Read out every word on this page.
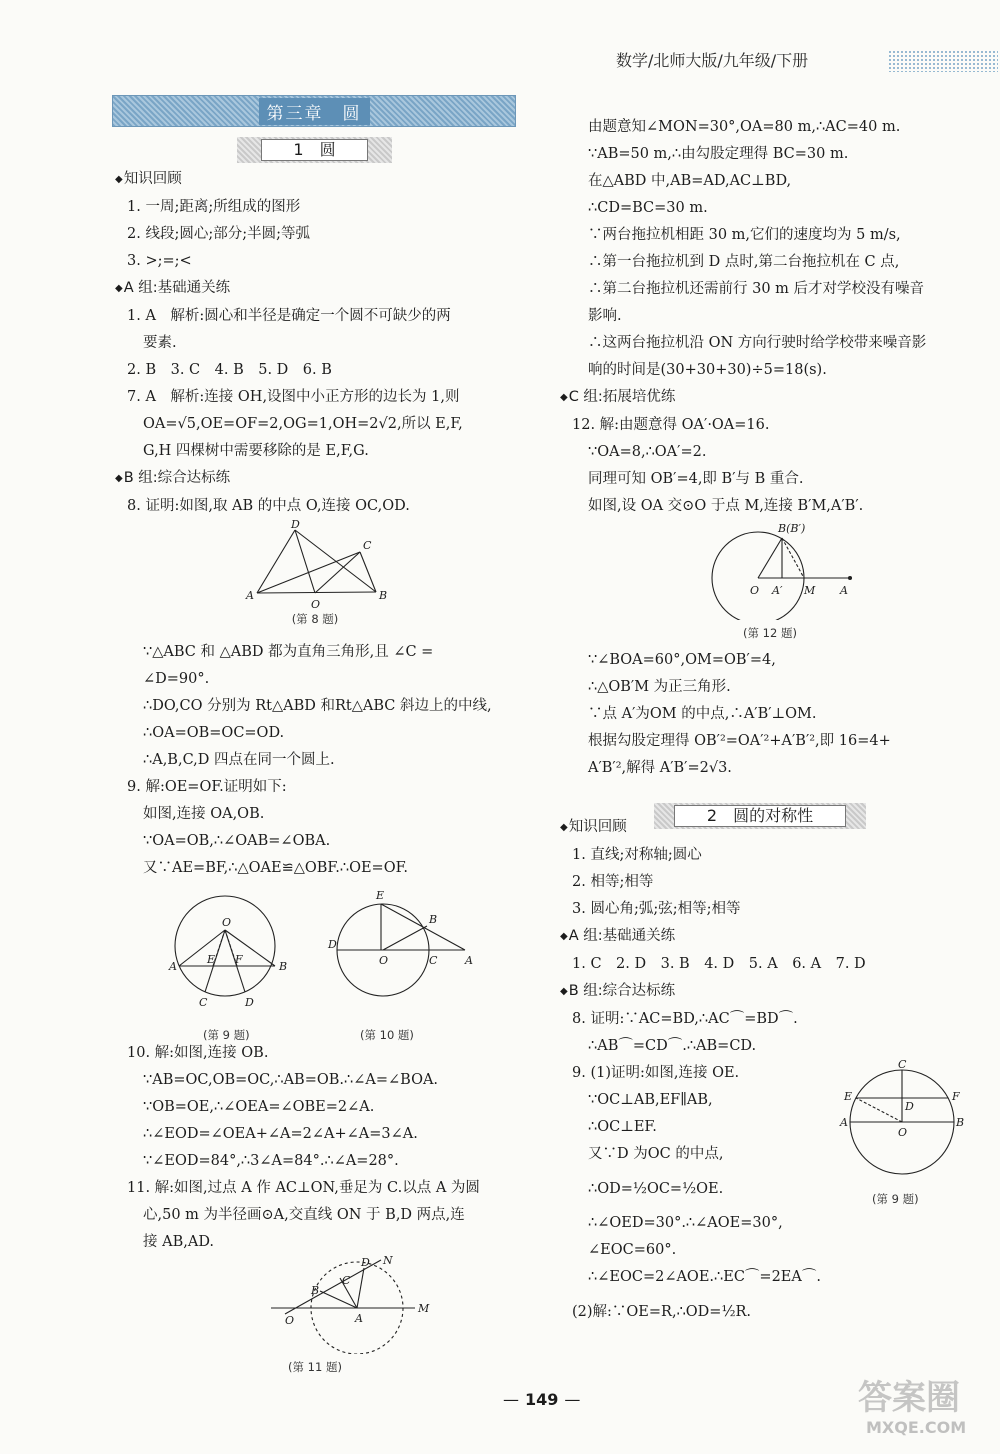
数学/北师大版/九年级/下册
第三章　圆
1　圆
2　圆的对称性

◆ 知识回顾

1. 一周;距离;所组成的图形

2. 线段;圆心;部分;半圆;等弧

3. >;=;<

◆ A 组:基础通关练

1. A　解析:圆心和半径是确定一个圆不可缺少的两

要素.

2. B　3. C　4. B　5. D　6. B

7. A　解析:连接 OH,设图中小正方形的边长为 1,则

OA=√5,OE=OF=2,OG=1,OH=2√2,所以 E,F,

G,H 四棵树中需要移除的是 E,F,G.

◆ B 组:综合达标练

8. 证明:如图,取 AB 的中点 O,连接 OC,OD.

D
C
A	B
O

(第 8 题)

∵△ABC 和 △ABD 都为直角三角形,且 ∠C =

∠D=90°.

∴DO,CO 分别为 Rt△ABD 和Rt△ABC 斜边上的中线,

∴OA=OB=OC=OD.

∴A,B,C,D 四点在同一个圆上.

9. 解:OE=OF.证明如下:

如图,连接 OA,OB.

∵OA=OB,∴∠OAB=∠OBA.

又∵AE=BF,∴△OAE≌△OBF.∴OE=OF.

O
A	B
E F
C	D
E
B
D
O	C	A
(第 9 题)	(第 10 题)

10. 解:如图,连接 OB.

∵AB=OC,OB=OC,∴AB=OB.∴∠A=∠BOA.

∵OB=OE,∴∠OEA=∠OBE=2∠A.

∴∠EOD=∠OEA+∠A=2∠A+∠A=3∠A.

∵∠EOD=84°,∴3∠A=84°.∴∠A=28°.

11. 解:如图,过点 A 作 AC⊥ON,垂足为 C.以点 A 为圆

心,50 m 为半径画⊙A,交直线 ON 于 B,D 两点,连

接 AB,AD.

N
D
B
C
A
M
O

(第 11 题)

由题意知∠MON=30°,OA=80 m,∴AC=40 m.

∵AB=50 m,∴由勾股定理得 BC=30 m.

在△ABD 中,AB=AD,AC⊥BD,

∴CD=BC=30 m.

∵两台拖拉机相距 30 m,它们的速度均为 5 m/s,

∴第一台拖拉机到 D 点时,第二台拖拉机在 C 点,

∴第二台拖拉机还需前行 30 m 后才对学校没有噪音

影响.

∴这两台拖拉机沿 ON 方向行驶时给学校带来噪音影

响的时间是(30+30+30)÷5=18(s).

◆ C 组:拓展培优练

12. 解:由题意得 OA′·OA=16.

∵OA=8,∴OA′=2.

同理可知 OB′=4,即 B′与 B 重合.

如图,设 OA 交⊙O 于点 M,连接 B′M,A′B′.

B(B′)
O A′ M A

(第 12 题)

∵∠BOA=60°,OM=OB′=4,

∴△OB′M 为正三角形.

∵点 A′为OM 的中点,∴A′B′⊥OM.

根据勾股定理得 OB′²=OA′²+A′B′²,即 16=4+

A′B′²,解得 A′B′=2√3.

◆ 知识回顾

1. 直线;对称轴;圆心

2. 相等;相等

3. 圆心角;弧;弦;相等;相等

◆ A 组:基础通关练

1. C　2. D　3. B　4. D　5. A　6. A　7. D

◆ B 组:综合达标练

8. 证明:∵AC=BD,∴AC⌒=BD⌒.

∴AB⌒=CD⌒.∴AB=CD.

9. (1)证明:如图,连接 OE.

∵OC⊥AB,EF∥AB,

∴OC⊥EF.

又∵D 为OC 的中点,

∴OD=½OC=½OE.

∴∠OED=30°.∴∠AOE=30°,

∠EOC=60°.

∴∠EOC=2∠AOE.∴EC⌒=2EA⌒.

(2)解:∵OE=R,∴OD=½R.

C
E	F
D
A	B
O
(第 9 题)
— 149 —	答案圈
MXQE.COM
